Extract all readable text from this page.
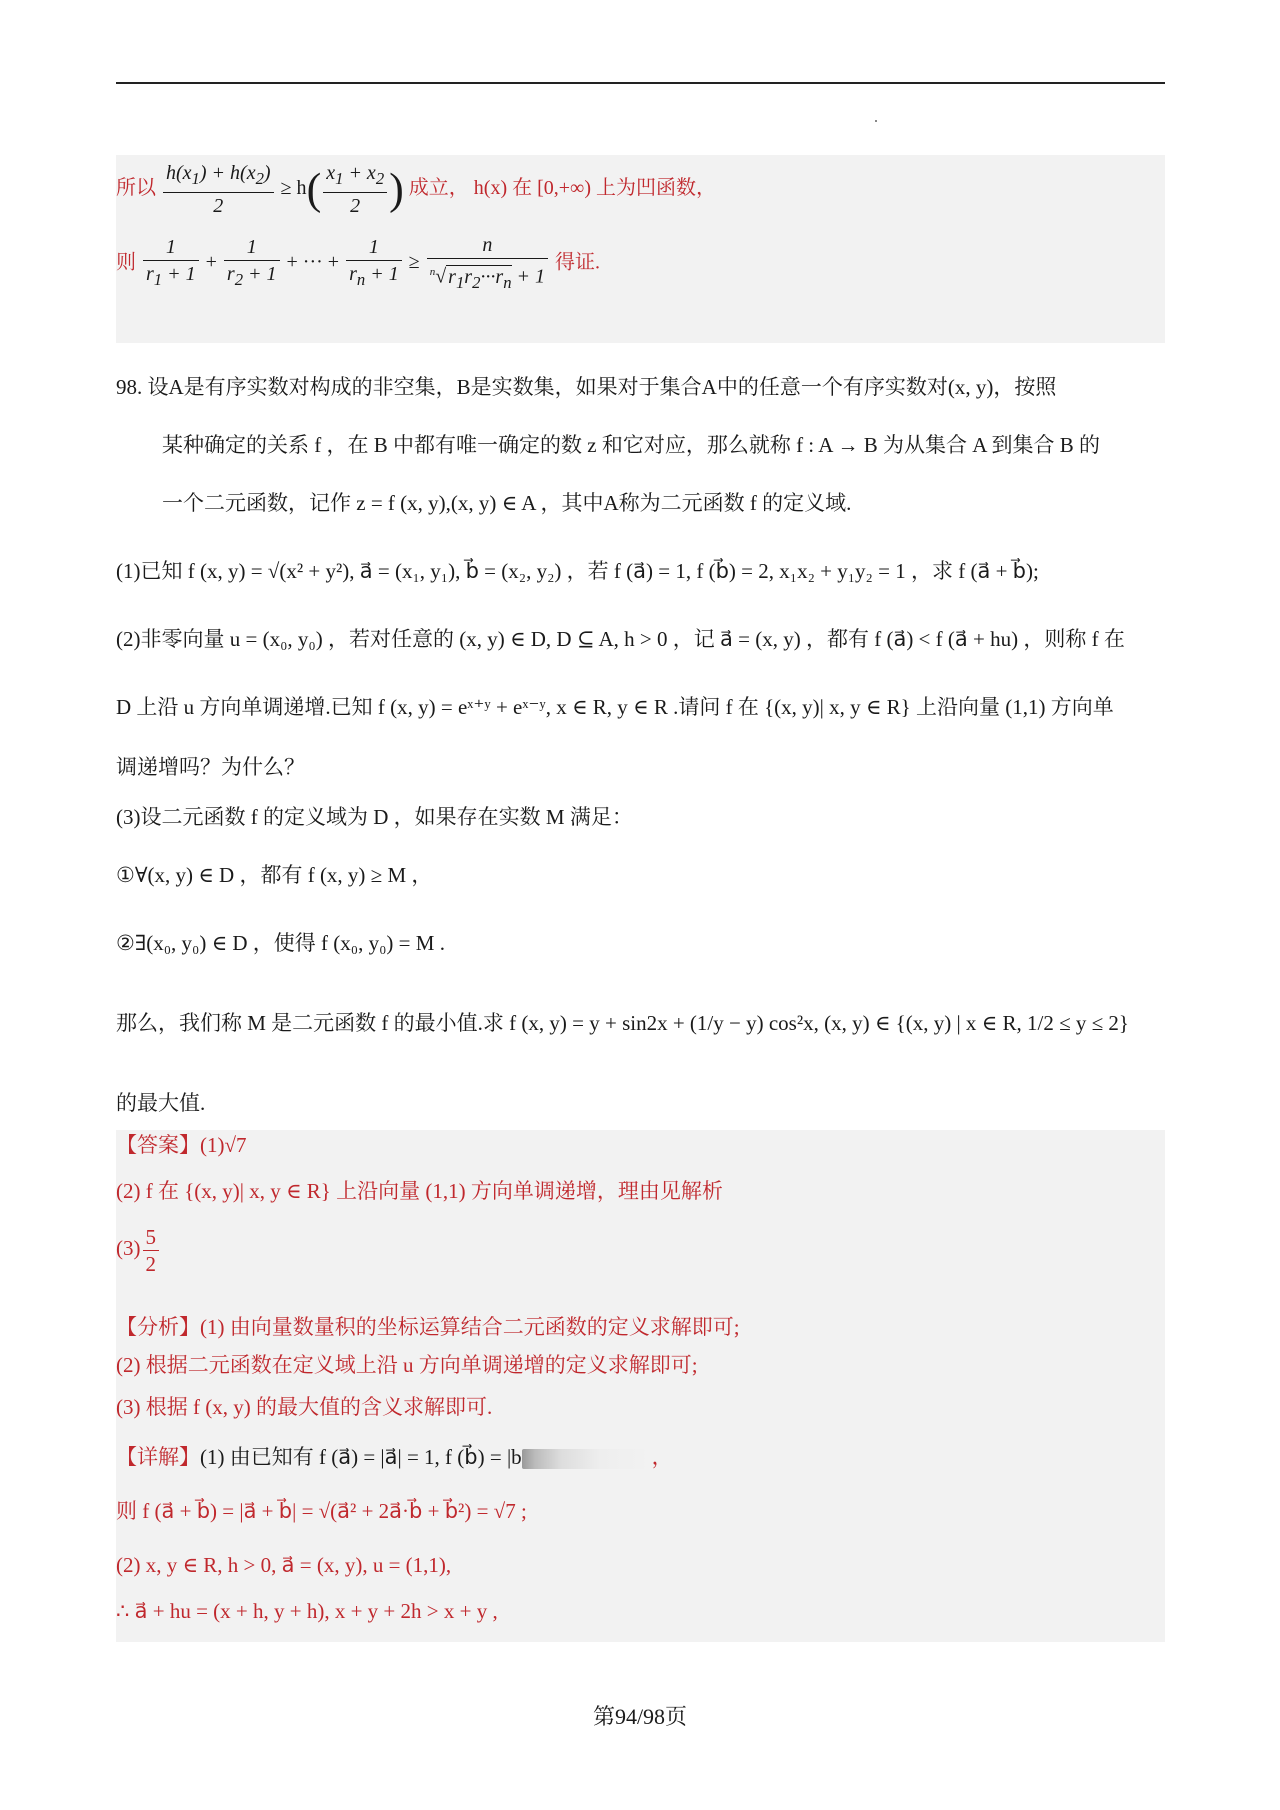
所以 $\frac{h(x_1) + h(x_2)}{2} \ge h( \frac{x_1 + x_2}{2}$ ) 成立， h(x) 在 [0,+∞) 上为凹函数，
则 $\frac{1}{r_1 + 1} + \frac{1}{r_2 + 1}$ + ··· + $\frac{1}{r_n + 1} \ge \frac{n}{^n√ r_1r_2\cdot\cdot\cdot r_n + 1}$ 得证.
98. 设A是有序实数对构成的非空集，B是实数集，如果对于集合A中的任意一个有序实数对(x, y)，按照
某种确定的关系 f ，在 B 中都有唯一确定的数 z 和它对应，那么就称 f : A → B 为从集合 A 到集合 B 的
一个二元函数，记作 z = f (x, y),(x, y) ∈ A ，其中A称为二元函数 f 的定义域.
(1)已知 f (x, y) = √(x² + y²), a⃗ = (x₁, y₁), b⃗ = (x₂, y₂) ，若 f (a⃗) = 1, f (b⃗) = 2, x₁x₂ + y₁y₂ = 1 ，求 f (a⃗ + b⃗);
(2)非零向量 u = (x₀, y₀) ，若对任意的 (x, y) ∈ D, D ⊆ A, h > 0 ，记 a⃗ = (x, y) ，都有 f (a⃗) < f (a⃗ + hu) ，则称 f 在
D 上沿 u 方向单调递增.已知 f (x, y) = eˣ⁺ʸ + eˣ⁻ʸ, x ∈ R, y ∈ R .请问 f 在 {(x, y)| x, y ∈ R} 上沿向量 (1,1) 方向单
调递增吗？为什么？
(3)设二元函数 f 的定义域为 D ，如果存在实数 M 满足：
①∀(x, y) ∈ D ，都有 f (x, y) ≥ M ，
②∃(x₀, y₀) ∈ D ，使得 f (x₀, y₀) = M .
那么，我们称 M 是二元函数 f 的最小值.求 f (x, y) = y + sin2x + (1/y − y) cos²x, (x, y) ∈ {(x, y) | x ∈ R, 1/2 ≤ y ≤ 2}
的最大值.
【答案】(1)√7
(2) f 在 {(x, y)| x, y ∈ R} 上沿向量 (1,1) 方向单调递增，理由见解析
$(3) \frac{5}{2}$
【分析】(1) 由向量数量积的坐标运算结合二元函数的定义求解即可;
(2) 根据二元函数在定义域上沿 u 方向单调递增的定义求解即可;
(3) 根据 f (x, y) 的最大值的含义求解即可.
【详解】(1) 由已知有 f (a⃗) = |a⃗| = 1, f (b⃗) = |b	，
则 f (a⃗ + b⃗) = |a⃗ + b⃗| = √(a⃗² + 2a⃗·b⃗ + b⃗²) = √7 ;
(2) x, y ∈ R, h > 0, a⃗ = (x, y), u = (1,1),
∴ a⃗ + hu = (x + h, y + h), x + y + 2h > x + y ,
第94/98页
